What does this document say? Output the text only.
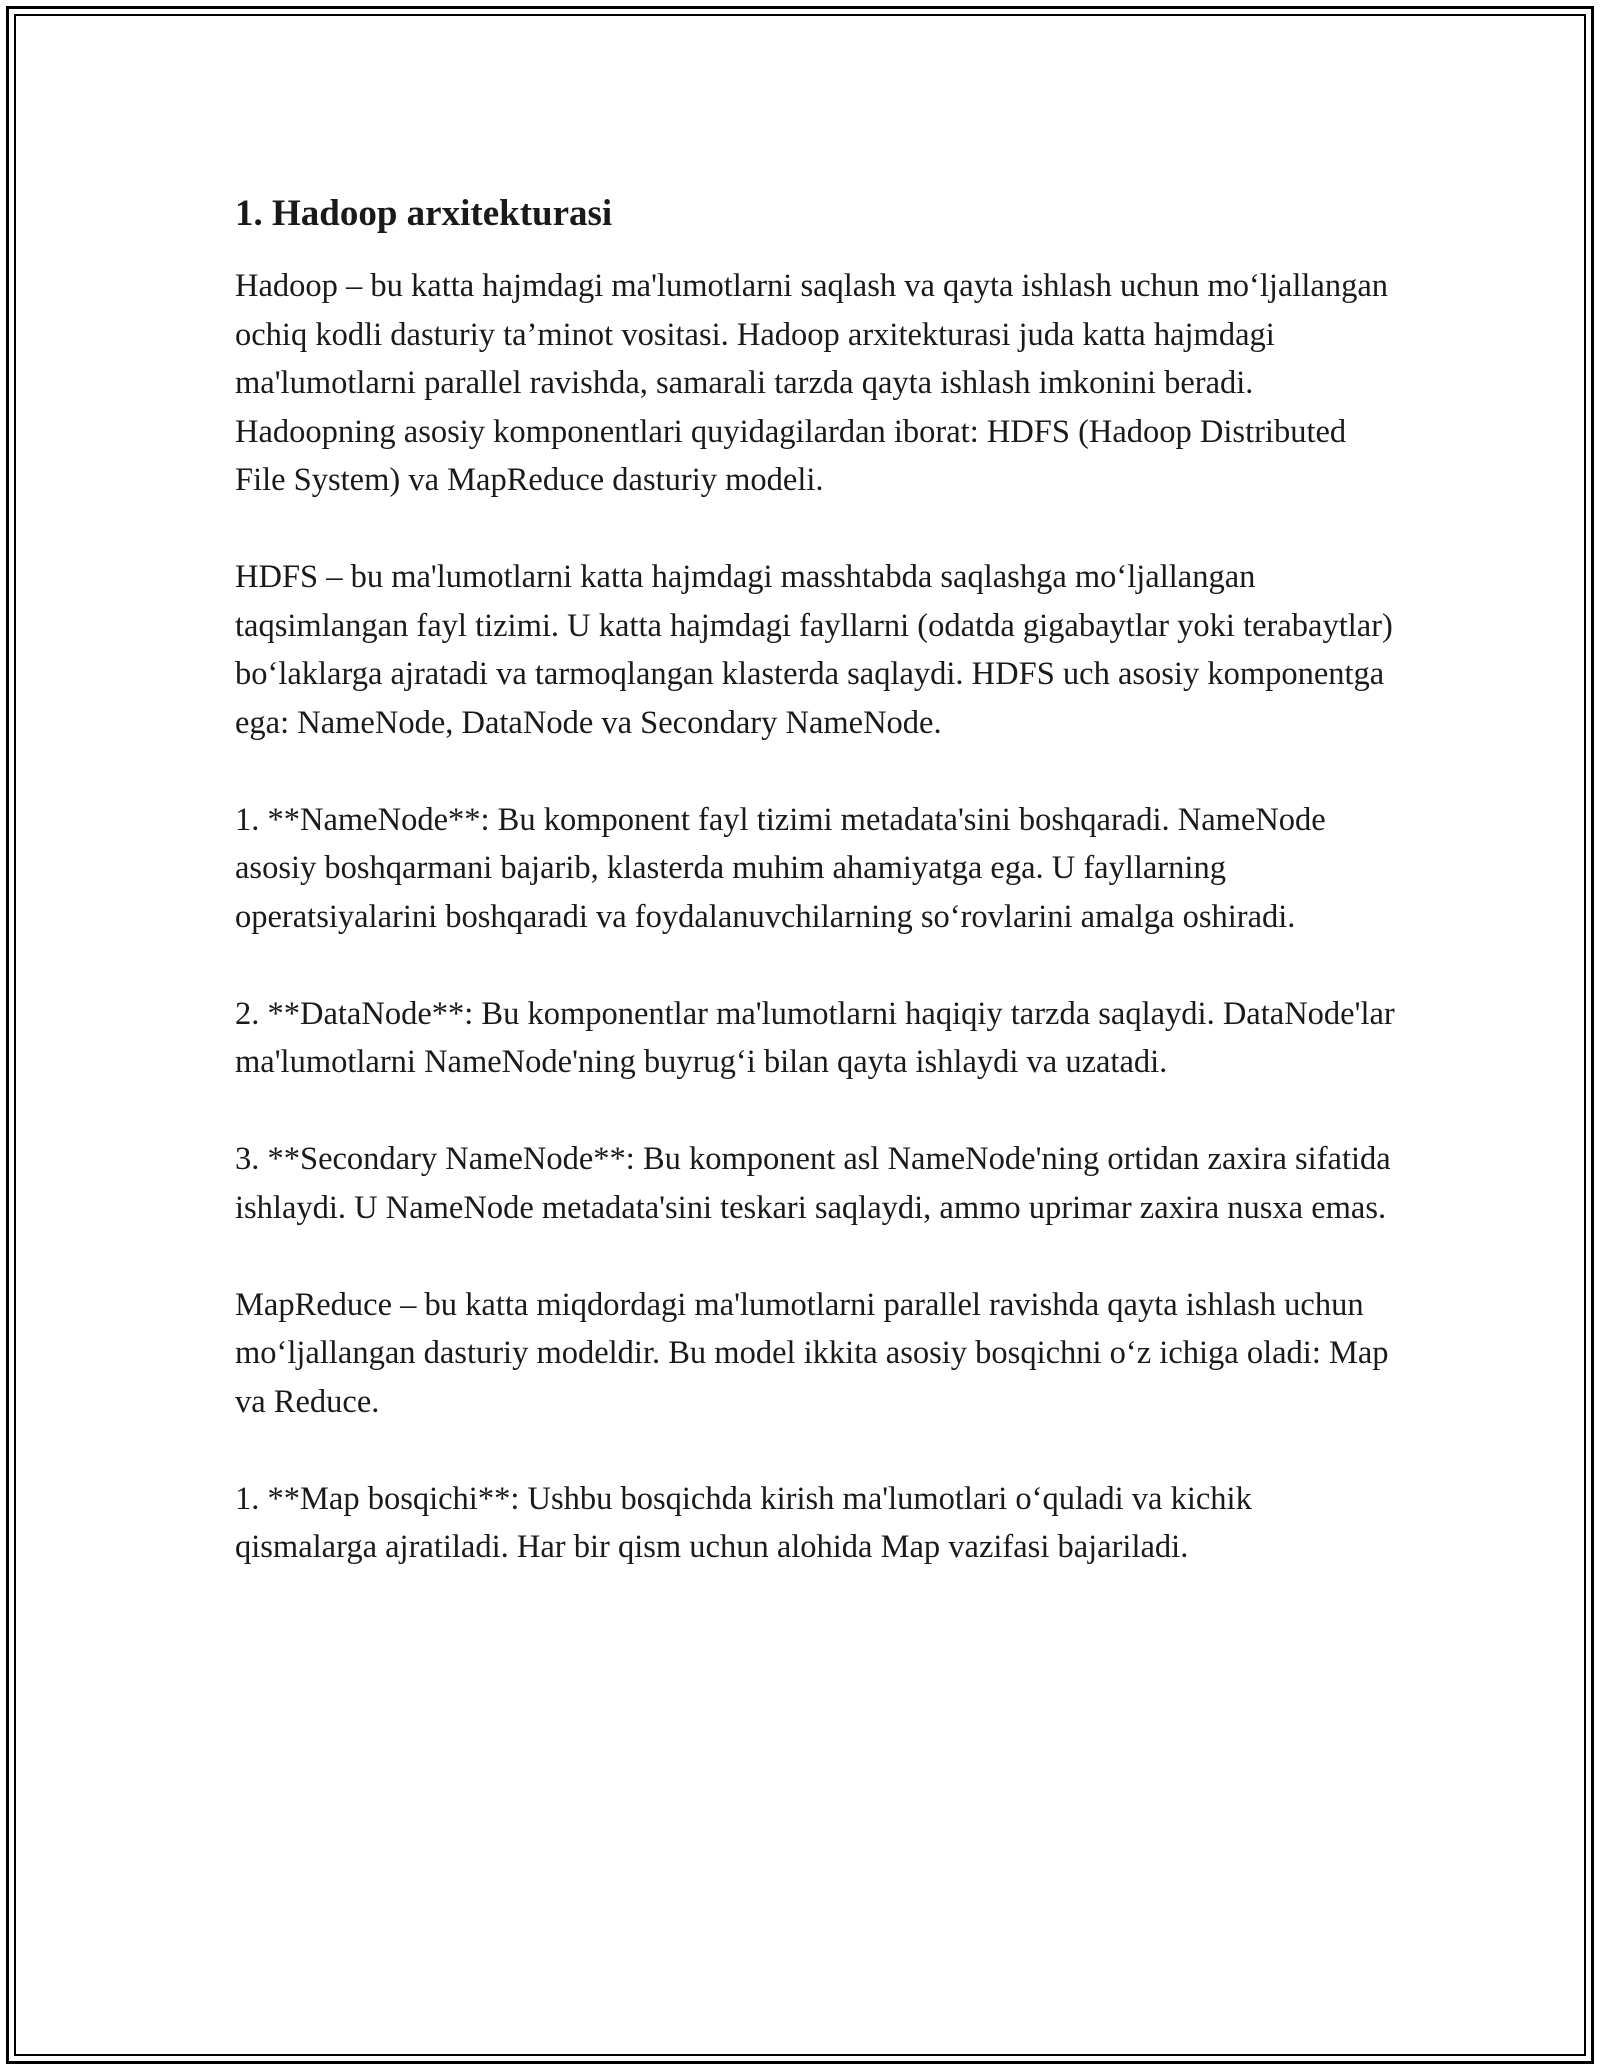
1. Hadoop arxitekturasi

Hadoop – bu katta hajmdagi ma'lumotlarni saqlash va qayta ishlash uchun mo‘ljallangan ochiq kodli dasturiy ta’minot vositasi. Hadoop arxitekturasi juda katta hajmdagi ma'lumotlarni parallel ravishda, samarali tarzda qayta ishlash imkonini beradi. Hadoopning asosiy komponentlari quyidagilardan iborat: HDFS (Hadoop Distributed File System) va MapReduce dasturiy modeli.

HDFS – bu ma'lumotlarni katta hajmdagi masshtabda saqlashga mo‘ljallangan taqsimlangan fayl tizimi. U katta hajmdagi fayllarni (odatda gigabaytlar yoki terabaytlar) bo‘laklarga ajratadi va tarmoqlangan klasterda saqlaydi. HDFS uch asosiy komponentga ega: NameNode, DataNode va Secondary NameNode.

1. **NameNode**: Bu komponent fayl tizimi metadata'sini boshqaradi. NameNode asosiy boshqarmani bajarib, klasterda muhim ahamiyatga ega. U fayllarning operatsiyalarini boshqaradi va foydalanuvchilarning so‘rovlarini amalga oshiradi.

2. **DataNode**: Bu komponentlar ma'lumotlarni haqiqiy tarzda saqlaydi. DataNode'lar ma'lumotlarni NameNode'ning buyrug‘i bilan qayta ishlaydi va uzatadi.

3. **Secondary NameNode**: Bu komponent asl NameNode'ning ortidan zaxira sifatida ishlaydi. U NameNode metadata'sini teskari saqlaydi, ammo uprimar zaxira nusxa emas.

MapReduce – bu katta miqdordagi ma'lumotlarni parallel ravishda qayta ishlash uchun mo‘ljallangan dasturiy modeldir. Bu model ikkita asosiy bosqichni o‘z ichiga oladi: Map va Reduce.

1. **Map bosqichi**: Ushbu bosqichda kirish ma'lumotlari o‘quladi va kichik qismalarga ajratiladi. Har bir qism uchun alohida Map vazifasi bajariladi.
